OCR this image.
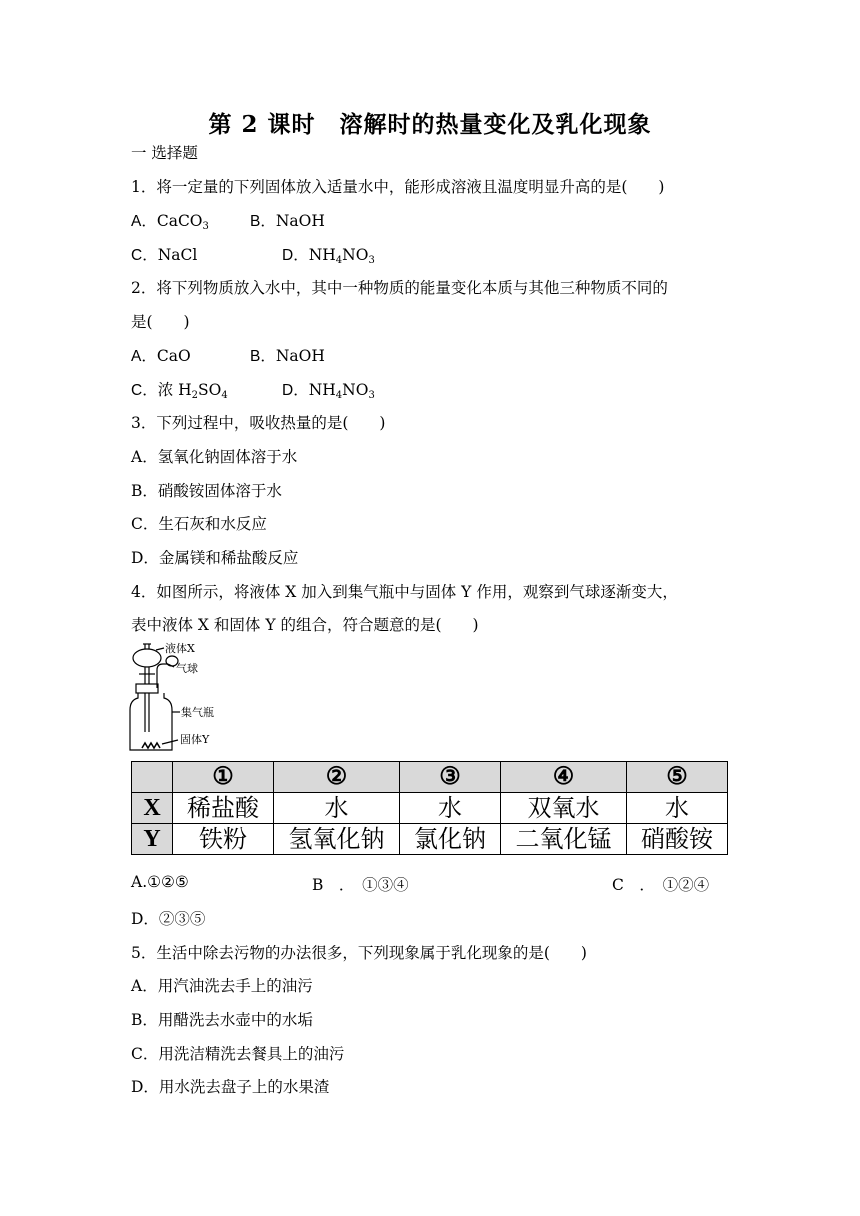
第 2 课时　溶解时的热量变化及乳化现象
一 选择题
1．将一定量的下列固体放入适量水中，能形成溶液且温度明显升高的是(　　)
A．CaCO$_3$	B．NaOH
C．NaCl	D．$NH_4NO_3$
2．将下列物质放入水中，其中一种物质的能量变化本质与其他三种物质不同的
是(　　)
A．CaO	B．NaOH
C．浓 $H_2SO_4$	D．$NH_4NO_3$
3．下列过程中，吸收热量的是(　　)
A．氢氧化钠固体溶于水
B．硝酸铵固体溶于水
C．生石灰和水反应
D．金属镁和稀盐酸反应
4．如图所示，将液体 X 加入到集气瓶中与固体 Y 作用，观察到气球逐渐变大，
表中液体 X 和固体 Y 的组合，符合题意的是(　　)
液体X
气球
集气瓶
固体Y
	①	②	③	④	⑤
X	稀盐酸	水	水	双氧水	水
Y	铁粉	氢氧化钠	氯化钠	二氧化锰	硝酸铵
A.①②⑤	B　．　 ①③④	C　．　 ①②④
D．②③⑤
5．生活中除去污物的办法很多，下列现象属于乳化现象的是(　　)
A．用汽油洗去手上的油污
B．用醋洗去水壶中的水垢
C．用洗洁精洗去餐具上的油污
D．用水洗去盘子上的水果渣
